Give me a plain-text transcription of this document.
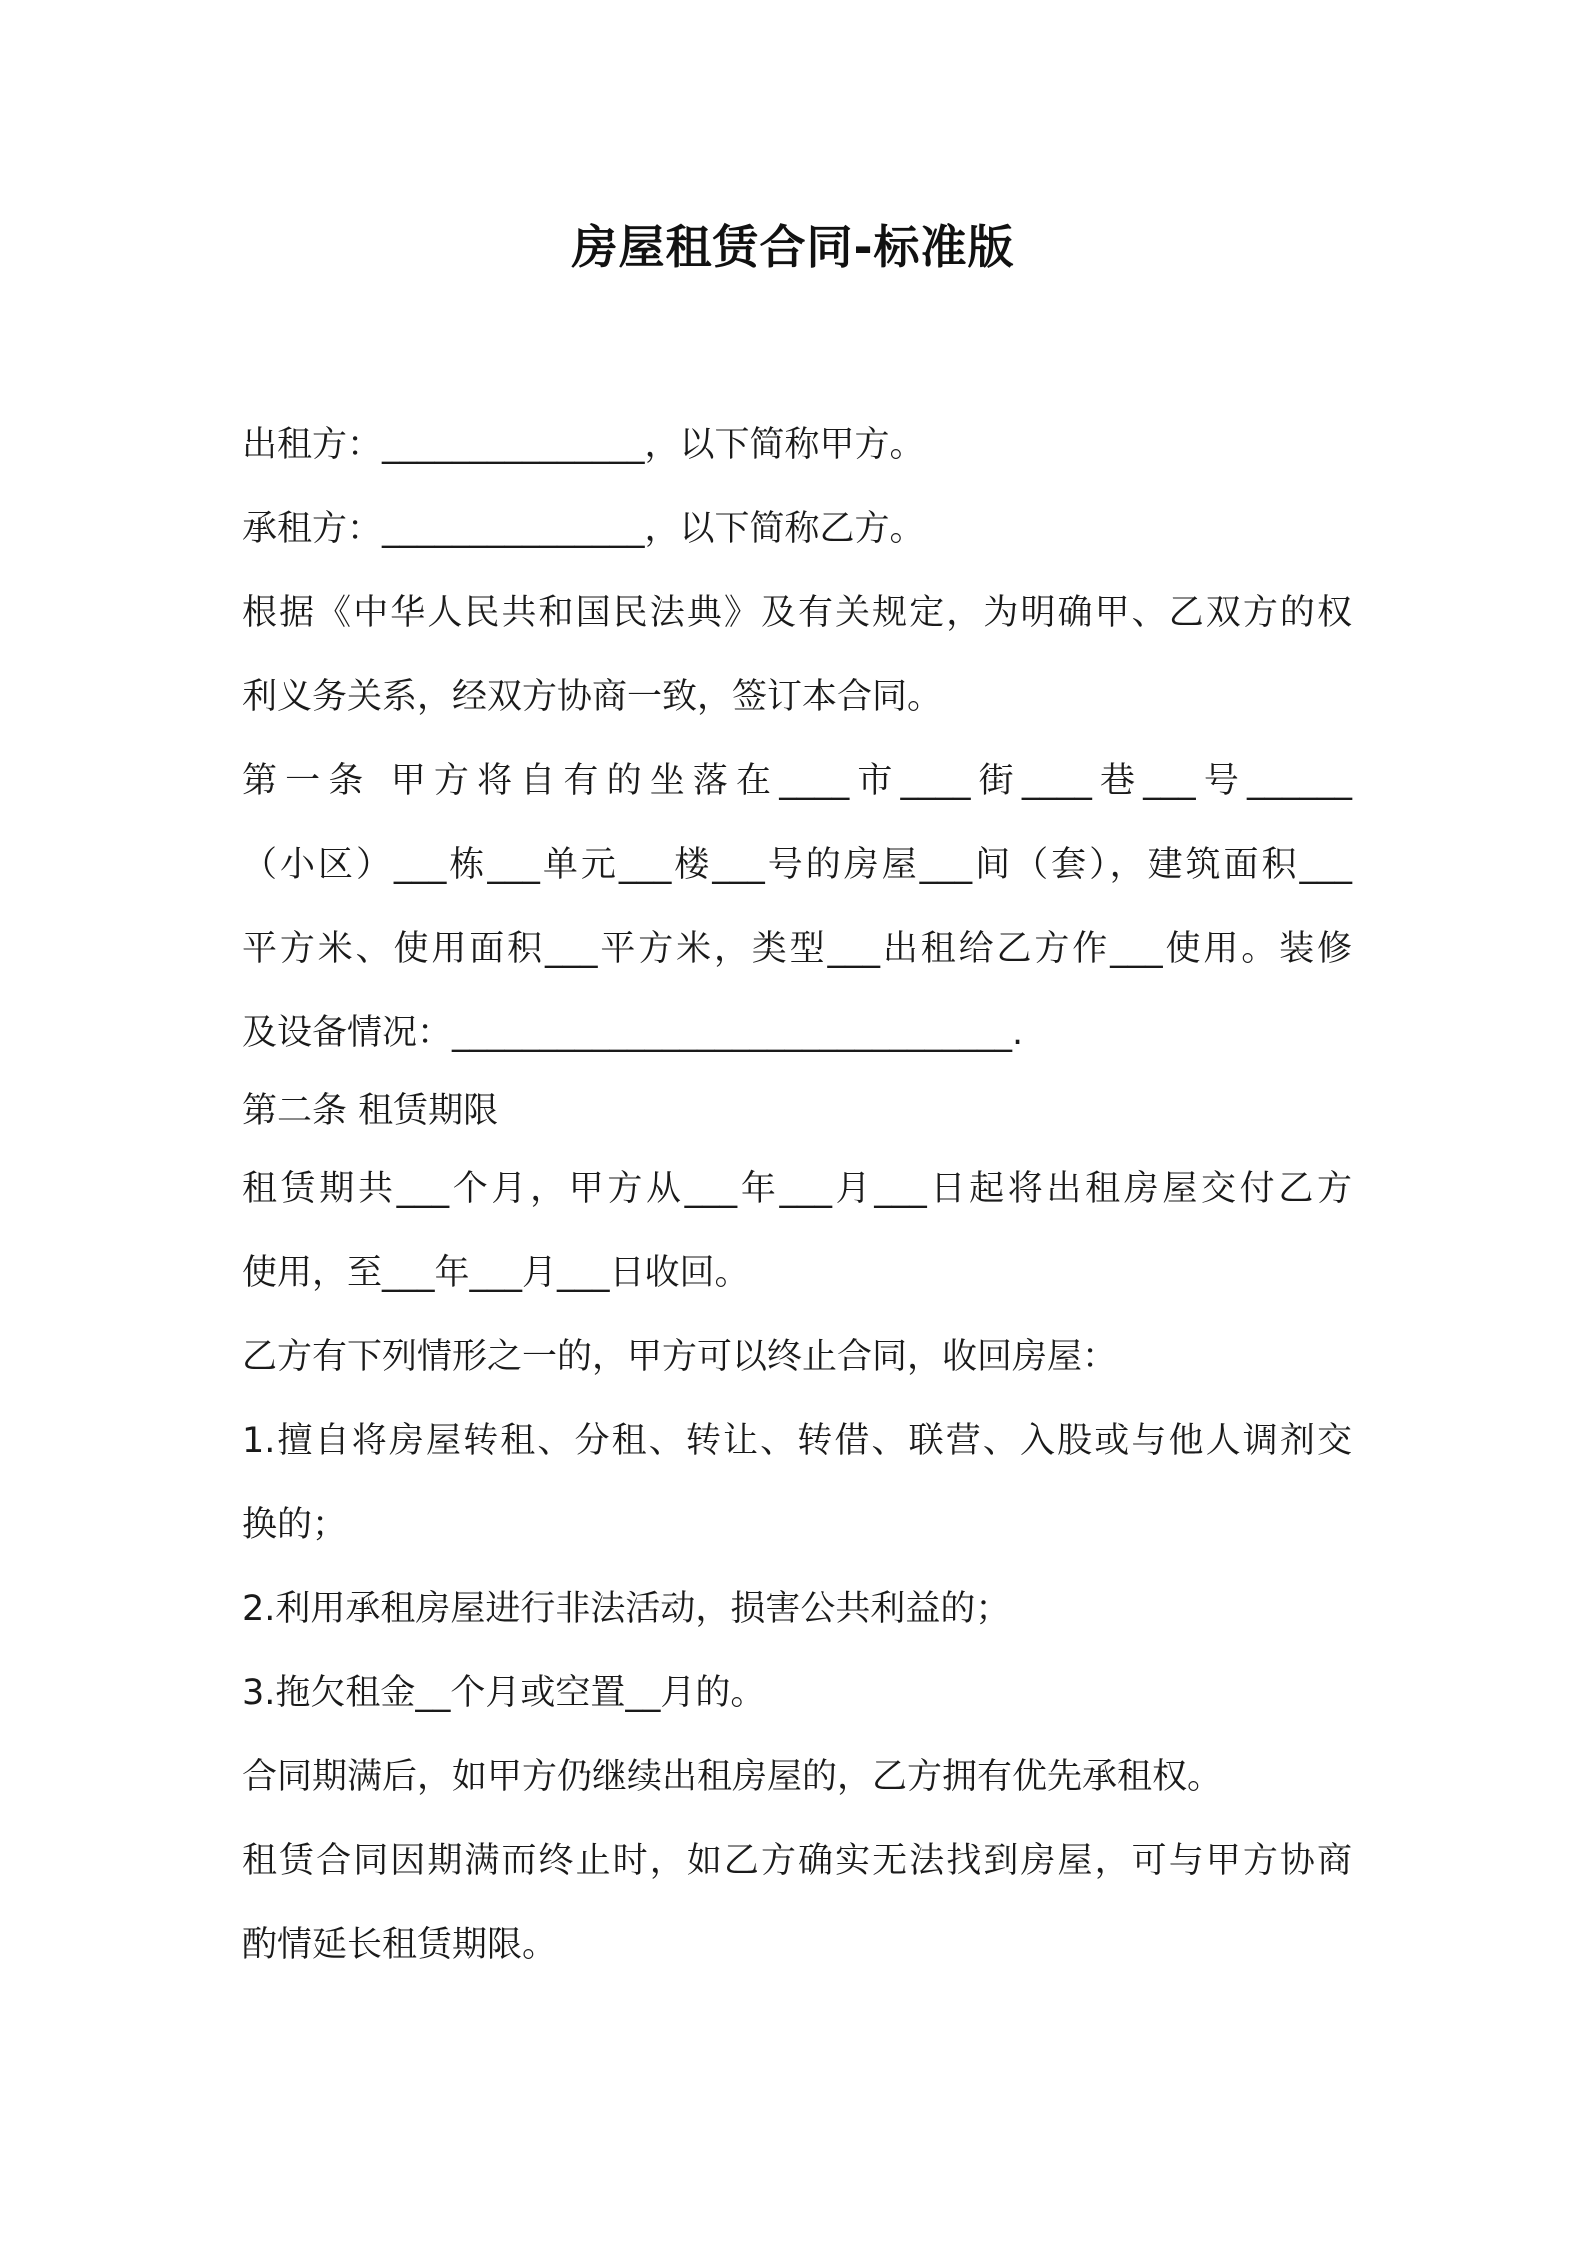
房屋租赁合同-标准版
出租方：_______________，以下简称甲方。
承租方：_______________，以下简称乙方。
根据《中华人民共和国民法典》及有关规定，为明确甲、乙双方的权
利义务关系，经双方协商一致，签订本合同。
第一条 甲方将自有的坐落在____市____街____巷___号______
（小区）___栋___单元___楼___号的房屋___间（套），建筑面积___
平方米、使用面积___平方米，类型___出租给乙方作___使用。装修
及设备情况：________________________________.
第二条 租赁期限
租赁期共___个月，甲方从___年___月___日起将出租房屋交付乙方
使用，至___年___月___日收回。
乙方有下列情形之一的，甲方可以终止合同，收回房屋：
1.擅自将房屋转租、分租、转让、转借、联营、入股或与他人调剂交
换的；
2.利用承租房屋进行非法活动，损害公共利益的；
3.拖欠租金__个月或空置__月的。
合同期满后，如甲方仍继续出租房屋的，乙方拥有优先承租权。
租赁合同因期满而终止时，如乙方确实无法找到房屋，可与甲方协商
酌情延长租赁期限。
